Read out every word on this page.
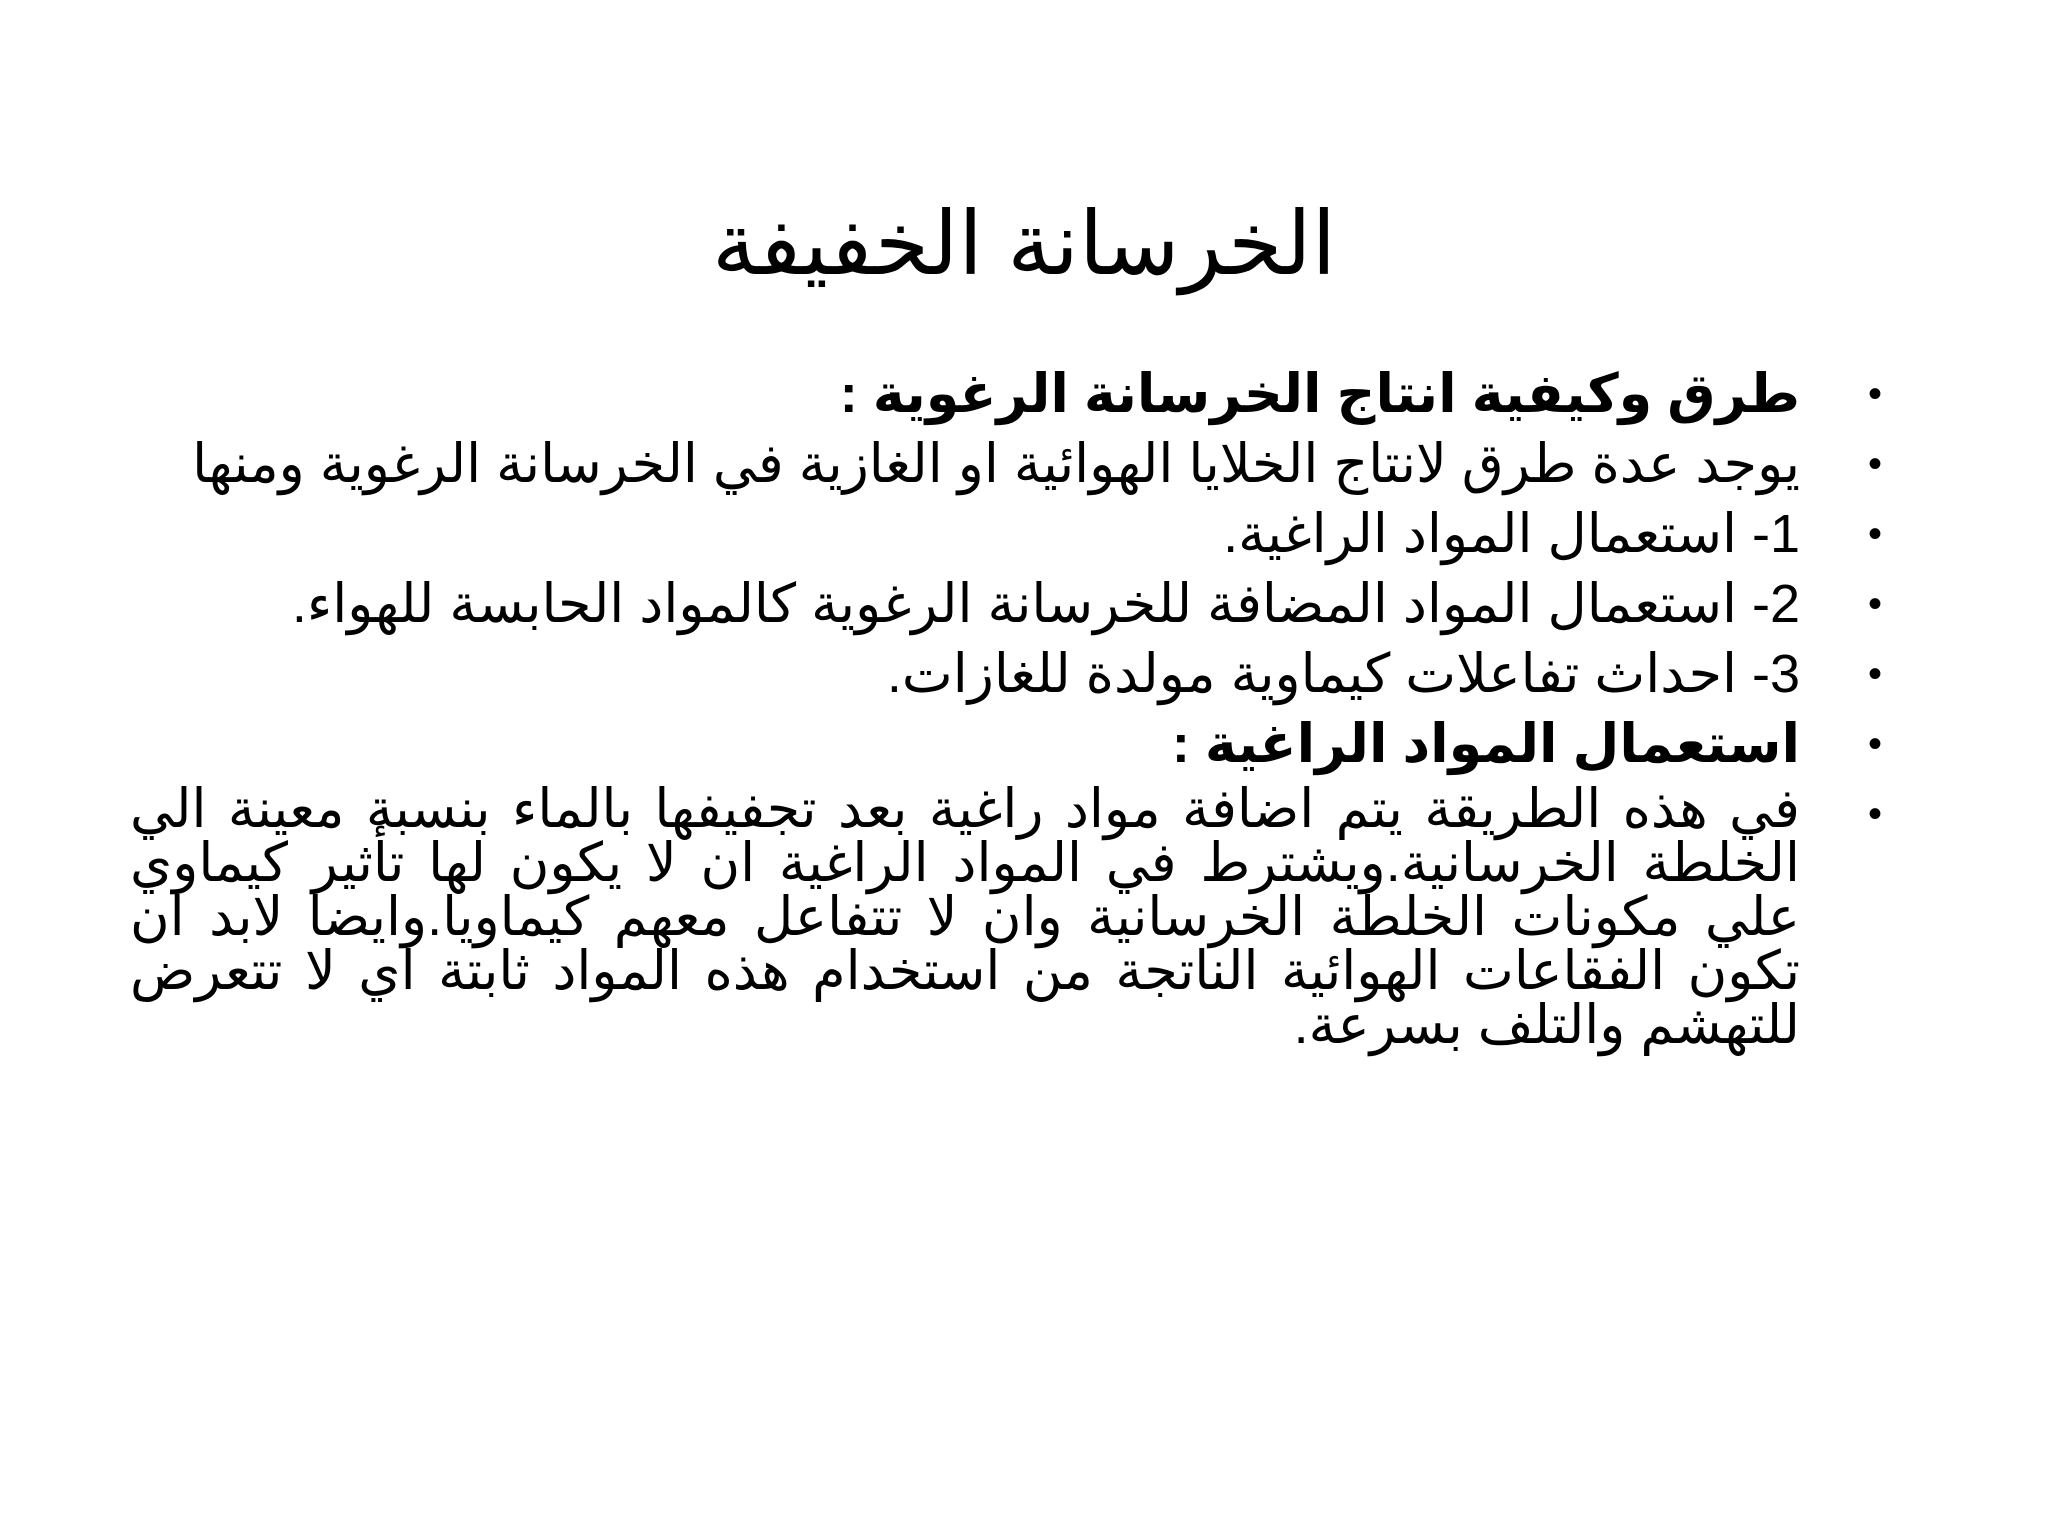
الخرسانة الخفيفة
•
طرق وكيفية انتاج الخرسانة الرغوية :
•
يوجد عدة طرق لانتاج الخلايا الهوائية او الغازية في الخرسانة الرغوية ومنها
•
1- استعمال المواد الراغية.
•
2- استعمال المواد المضافة للخرسانة الرغوية كالمواد الحابسة للهواء.
•
3- احداث تفاعلات كيماوية مولدة للغازات.
•
استعمال المواد الراغية :
•
في هذه الطريقة يتم اضافة مواد راغية بعد تجفيفها بالماء بنسبة معينة الي الخلطة الخرسانية.ويشترط في المواد الراغية ان لا يكون لها تأثير كيماوي علي مكونات الخلطة الخرسانية وان لا تتفاعل معهم كيماويا.وايضا لابد ان تكون الفقاعات الهوائية الناتجة من استخدام هذه المواد ثابتة اي لا تتعرض للتهشم والتلف بسرعة.
